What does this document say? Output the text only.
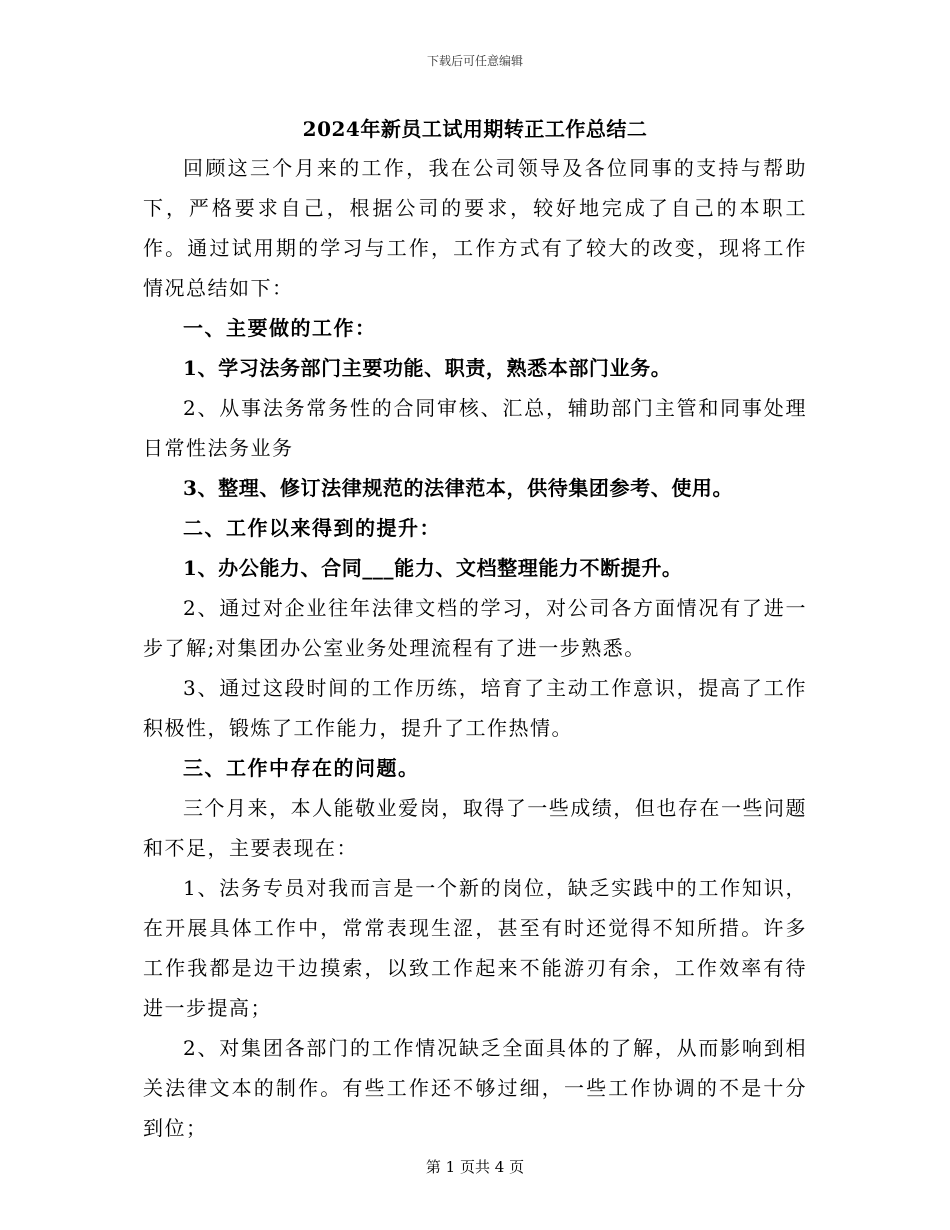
下载后可任意编辑
2024年新员工试用期转正工作总结二

回顾这三个月来的工作，我在公司领导及各位同事的支持与帮助下，严格要求自己，根据公司的要求，较好地完成了自己的本职工作。通过试用期的学习与工作，工作方式有了较大的改变，现将工作情况总结如下：

一、主要做的工作：

1、学习法务部门主要功能、职责，熟悉本部门业务。

2、从事法务常务性的合同审核、汇总，辅助部门主管和同事处理日常性法务业务

3、整理、修订法律规范的法律范本，供待集团参考、使用。

二、工作以来得到的提升：

1、办公能力、合同___能力、文档整理能力不断提升。

2、通过对企业往年法律文档的学习，对公司各方面情况有了进一步了解;对集团办公室业务处理流程有了进一步熟悉。

3、通过这段时间的工作历练，培育了主动工作意识，提高了工作积极性，锻炼了工作能力，提升了工作热情。

三、工作中存在的问题。

三个月来，本人能敬业爱岗，取得了一些成绩，但也存在一些问题和不足，主要表现在：

1、法务专员对我而言是一个新的岗位，缺乏实践中的工作知识，在开展具体工作中，常常表现生涩，甚至有时还觉得不知所措。许多工作我都是边干边摸索，以致工作起来不能游刃有余，工作效率有待进一步提高；

2、对集团各部门的工作情况缺乏全面具体的了解，从而影响到相关法律文本的制作。有些工作还不够过细，一些工作协调的不是十分到位；

第 1 页共 4 页
